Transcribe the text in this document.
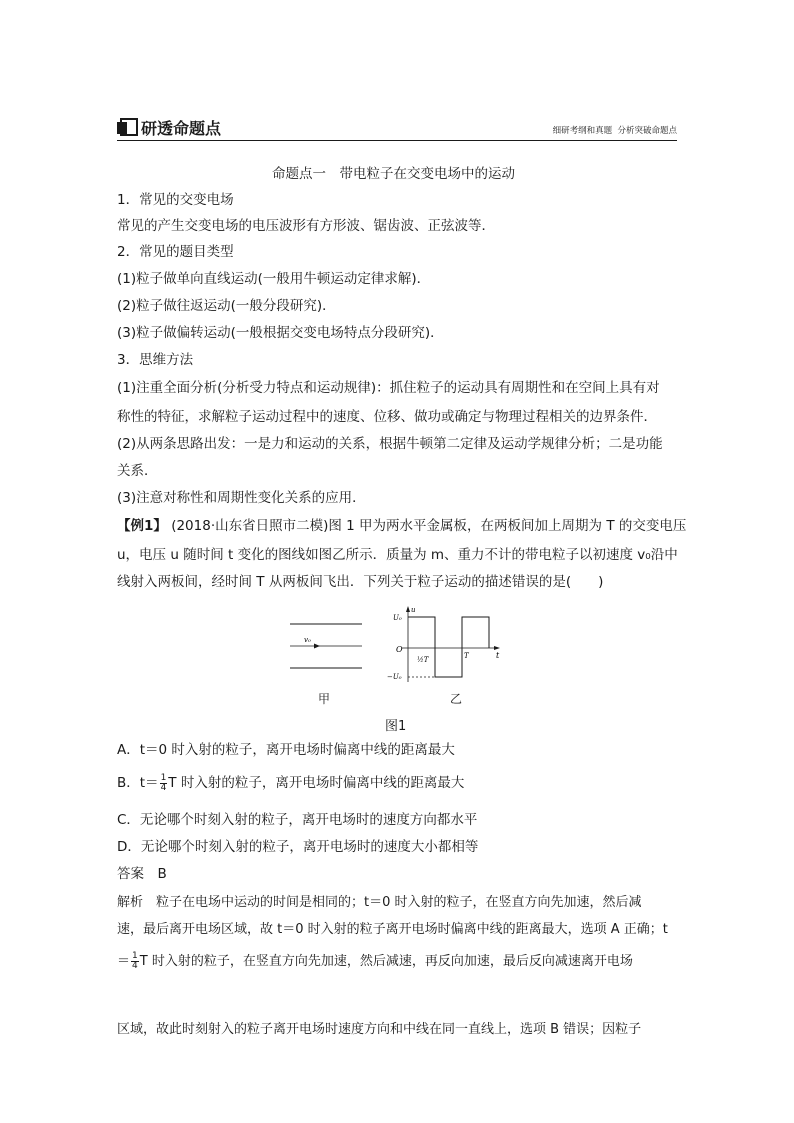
研透命题点	细研考纲和真题  分析突破命题点
命题点一　带电粒子在交变电场中的运动
1．常见的交变电场
常见的产生交变电场的电压波形有方形波、锯齿波、正弦波等．
2．常见的题目类型
(1)粒子做单向直线运动(一般用牛顿运动定律求解)．
(2)粒子做往返运动(一般分段研究)．
(3)粒子做偏转运动(一般根据交变电场特点分段研究)．
3．思维方法
(1)注重全面分析(分析受力特点和运动规律)：抓住粒子的运动具有周期性和在空间上具有对
称性的特征，求解粒子运动过程中的速度、位移、做功或确定与物理过程相关的边界条件．
(2)从两条思路出发：一是力和运动的关系，根据牛顿第二定律及运动学规律分析；二是功能
关系．
(3)注意对称性和周期性变化关系的应用．
【例1】 (2018·山东省日照市二模)图 1 甲为两水平金属板，在两板间加上周期为 T 的交变电压
u，电压 u 随时间 t 变化的图线如图乙所示．质量为 m、重力不计的带电粒子以初速度 v₀沿中
线射入两板间，经时间 T 从两板间飞出．下列关于粒子运动的描述错误的是(　　)
v₀
u
t
O
U₀
−U₀
½T	T
甲	乙
图1
A．t＝0 时入射的粒子，离开电场时偏离中线的距离最大
B．$t= \frac{1}{4}$ T 时入射的粒子，离开电场时偏离中线的距离最大
C．无论哪个时刻入射的粒子，离开电场时的速度方向都水平
D．无论哪个时刻入射的粒子，离开电场时的速度大小都相等
答案　B
解析　粒子在电场中运动的时间是相同的；t＝0 时入射的粒子，在竖直方向先加速，然后减
速，最后离开电场区域，故 t＝0 时入射的粒子离开电场时偏离中线的距离最大，选项 A 正确；t
＝ $\frac{1}{4}$ T 时入射的粒子，在竖直方向先加速，然后减速，再反向加速，最后反向减速离开电场
区域，故此时刻射入的粒子离开电场时速度方向和中线在同一直线上，选项 B 错误；因粒子
